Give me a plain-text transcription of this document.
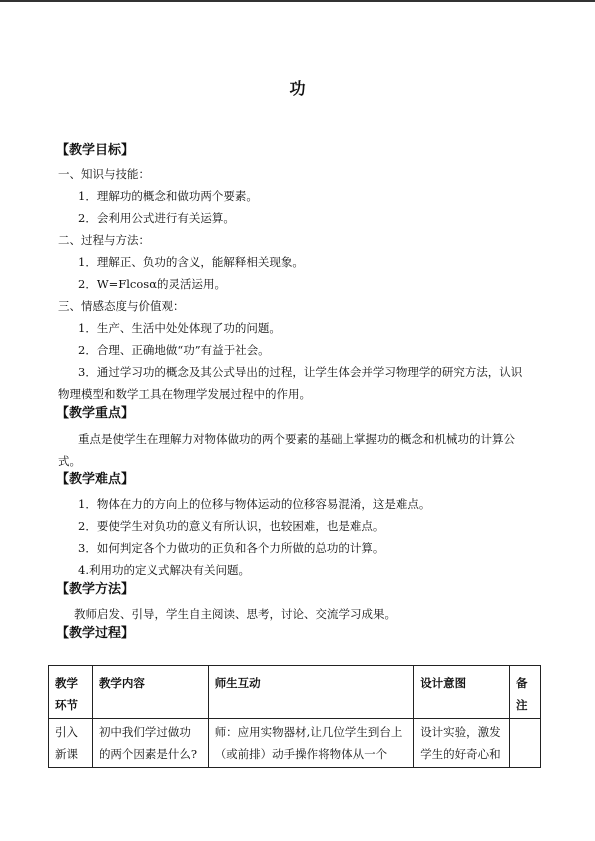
功
【教学目标】
一、知识与技能：
1．理解功的概念和做功两个要素。
2．会利用公式进行有关运算。
二、过程与方法：
1．理解正、负功的含义，能解释相关现象。
2．W=Flcosα的灵活运用。
三、情感态度与价值观：
1．生产、生活中处处体现了功的问题。
2．合理、正确地做“功”有益于社会。
3．通过学习功的概念及其公式导出的过程，让学生体会并学习物理学的研究方法，认识
物理模型和数学工具在物理学发展过程中的作用。
【教学重点】
重点是使学生在理解力对物体做功的两个要素的基础上掌握功的概念和机械功的计算公
式。
【教学难点】
1．物体在力的方向上的位移与物体运动的位移容易混淆，这是难点。
2．要使学生对负功的意义有所认识，也较困难，也是难点。
3．如何判定各个力做功的正负和各个力所做的总功的计算。
4.利用功的定义式解决有关问题。
【教学方法】
教师启发、引导，学生自主阅读、思考，讨论、交流学习成果。
【教学过程】
教学环节	教学内容	师生互动	设计意图	备注

引入新课	初中我们学过做功的两个因素是什么?	师：应用实物器材,让几位学生到台上（或前排）动手操作将物体从一个	设计实验，激发学生的好奇心和	
